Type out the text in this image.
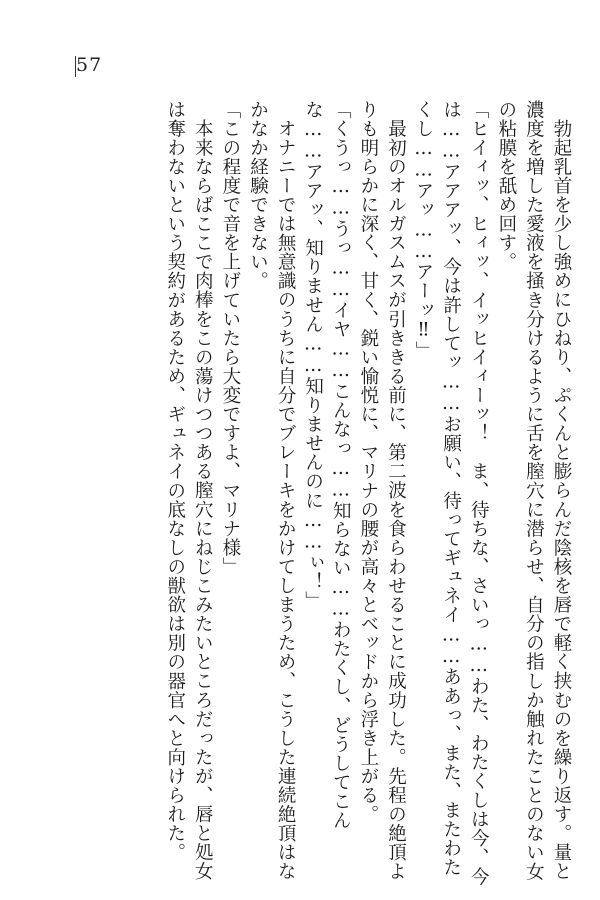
57

勃起乳首を少し強めにひねり、ぷくんと膨らんだ陰核を唇で軽く挟むのを繰り返す。量と濃度を増した愛液を掻き分けるように舌を膣穴に潜らせ、自分の指しか触れたことのない女の粘膜を舐め回す。

「ヒイィッ、ヒィッ、イッヒイィーッ！　ま、待ちな、さいっ……わた、わたくしは今、今は……アアアッ、今は許してッ……お願い、待ってギュネイ……ああっ、また、またわたくし……アッ……アーッ‼」

最初のオルガスムスが引ききる前に、第二波を食らわせることに成功した。先程の絶頂よりも明らかに深く、甘く、鋭い愉悦に、マリナの腰が高々とベッドから浮き上がる。

「くうっ……うっ……イヤ……こんなっ……知らない……わたくし、どうしてこんな……アアッ、知りません……知りませんのに……ぃ！」

オナニーでは無意識のうちに自分でブレーキをかけてしまうため、こうした連続絶頂はなかなか経験できない。

「この程度で音を上げていたら大変ですよ、マリナ様」

本来ならばここで肉棒をこの蕩けつつある膣穴にねじこみたいところだったが、唇と処女は奪わないという契約があるため、ギュネイの底なしの獣欲は別の器官へと向けられた。
